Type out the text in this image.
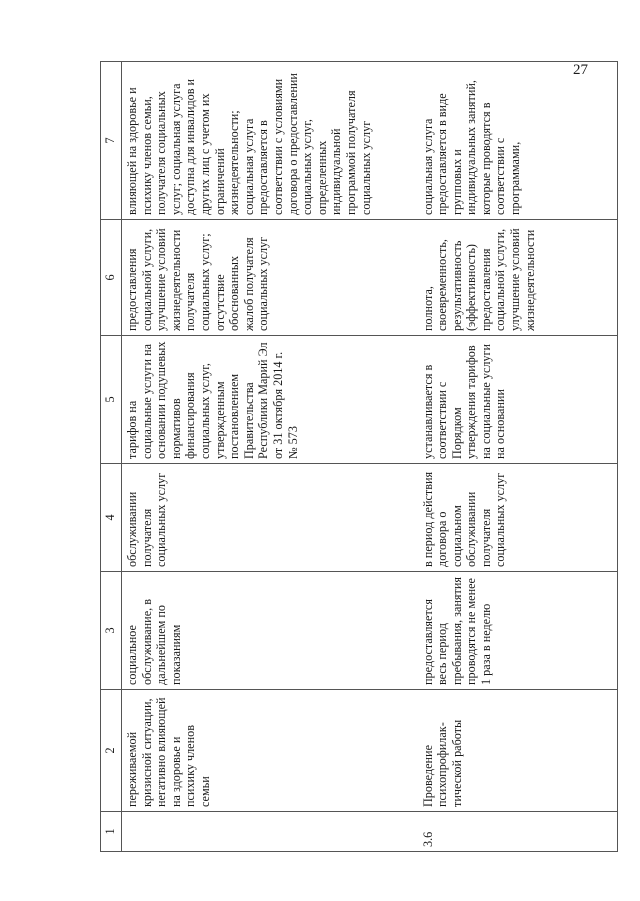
27
1	2	3	4	5	6	7
	переживаемой кризисной ситуации, негативно влияющей на здоровье и психику членов семьи	социальное обслуживание, в дальнейшем по показаниям	обслуживании получателя социальных услуг	тарифов на социальные услуги на основании подушевых нормативов финансирования социальных услуг, утвержденным постановлением Правительства Республики Марий Эл от 31 октября 2014 г. № 573	предоставления социальной услуги, улучшение условий жизнедеятельности получателя социальных услуг; отсутствие обоснованных жалоб получателя социальных услуг	влияющей на здоровье и психику членов семьи, получателя социальных услуг; социальная услуга доступна для инвалидов и других лиц с учетом их ограничений жизнедеятельности; социальная услуга предоставляется в соответствии с условиями договора о предоставлении социальных услуг, определенных индивидуальной программой получателя социальных услуг
3.6	Проведение психопрофилак-тической работы	предоставляется весь период пребывания, занятия проводятся не менее 1 раза в неделю	в период действия договора о социальном обслуживании получателя социальных услуг	устанавливается в соответствии с Порядком утверждения тарифов на социальные услуги на основании	полнота, своевременность, результативность (эффективность) предоставления социальной услуги, улучшение условий жизнедеятельности	социальная услуга предоставляется в виде групповых и индивидуальных занятий, которые проводятся в соответствии с программами,
